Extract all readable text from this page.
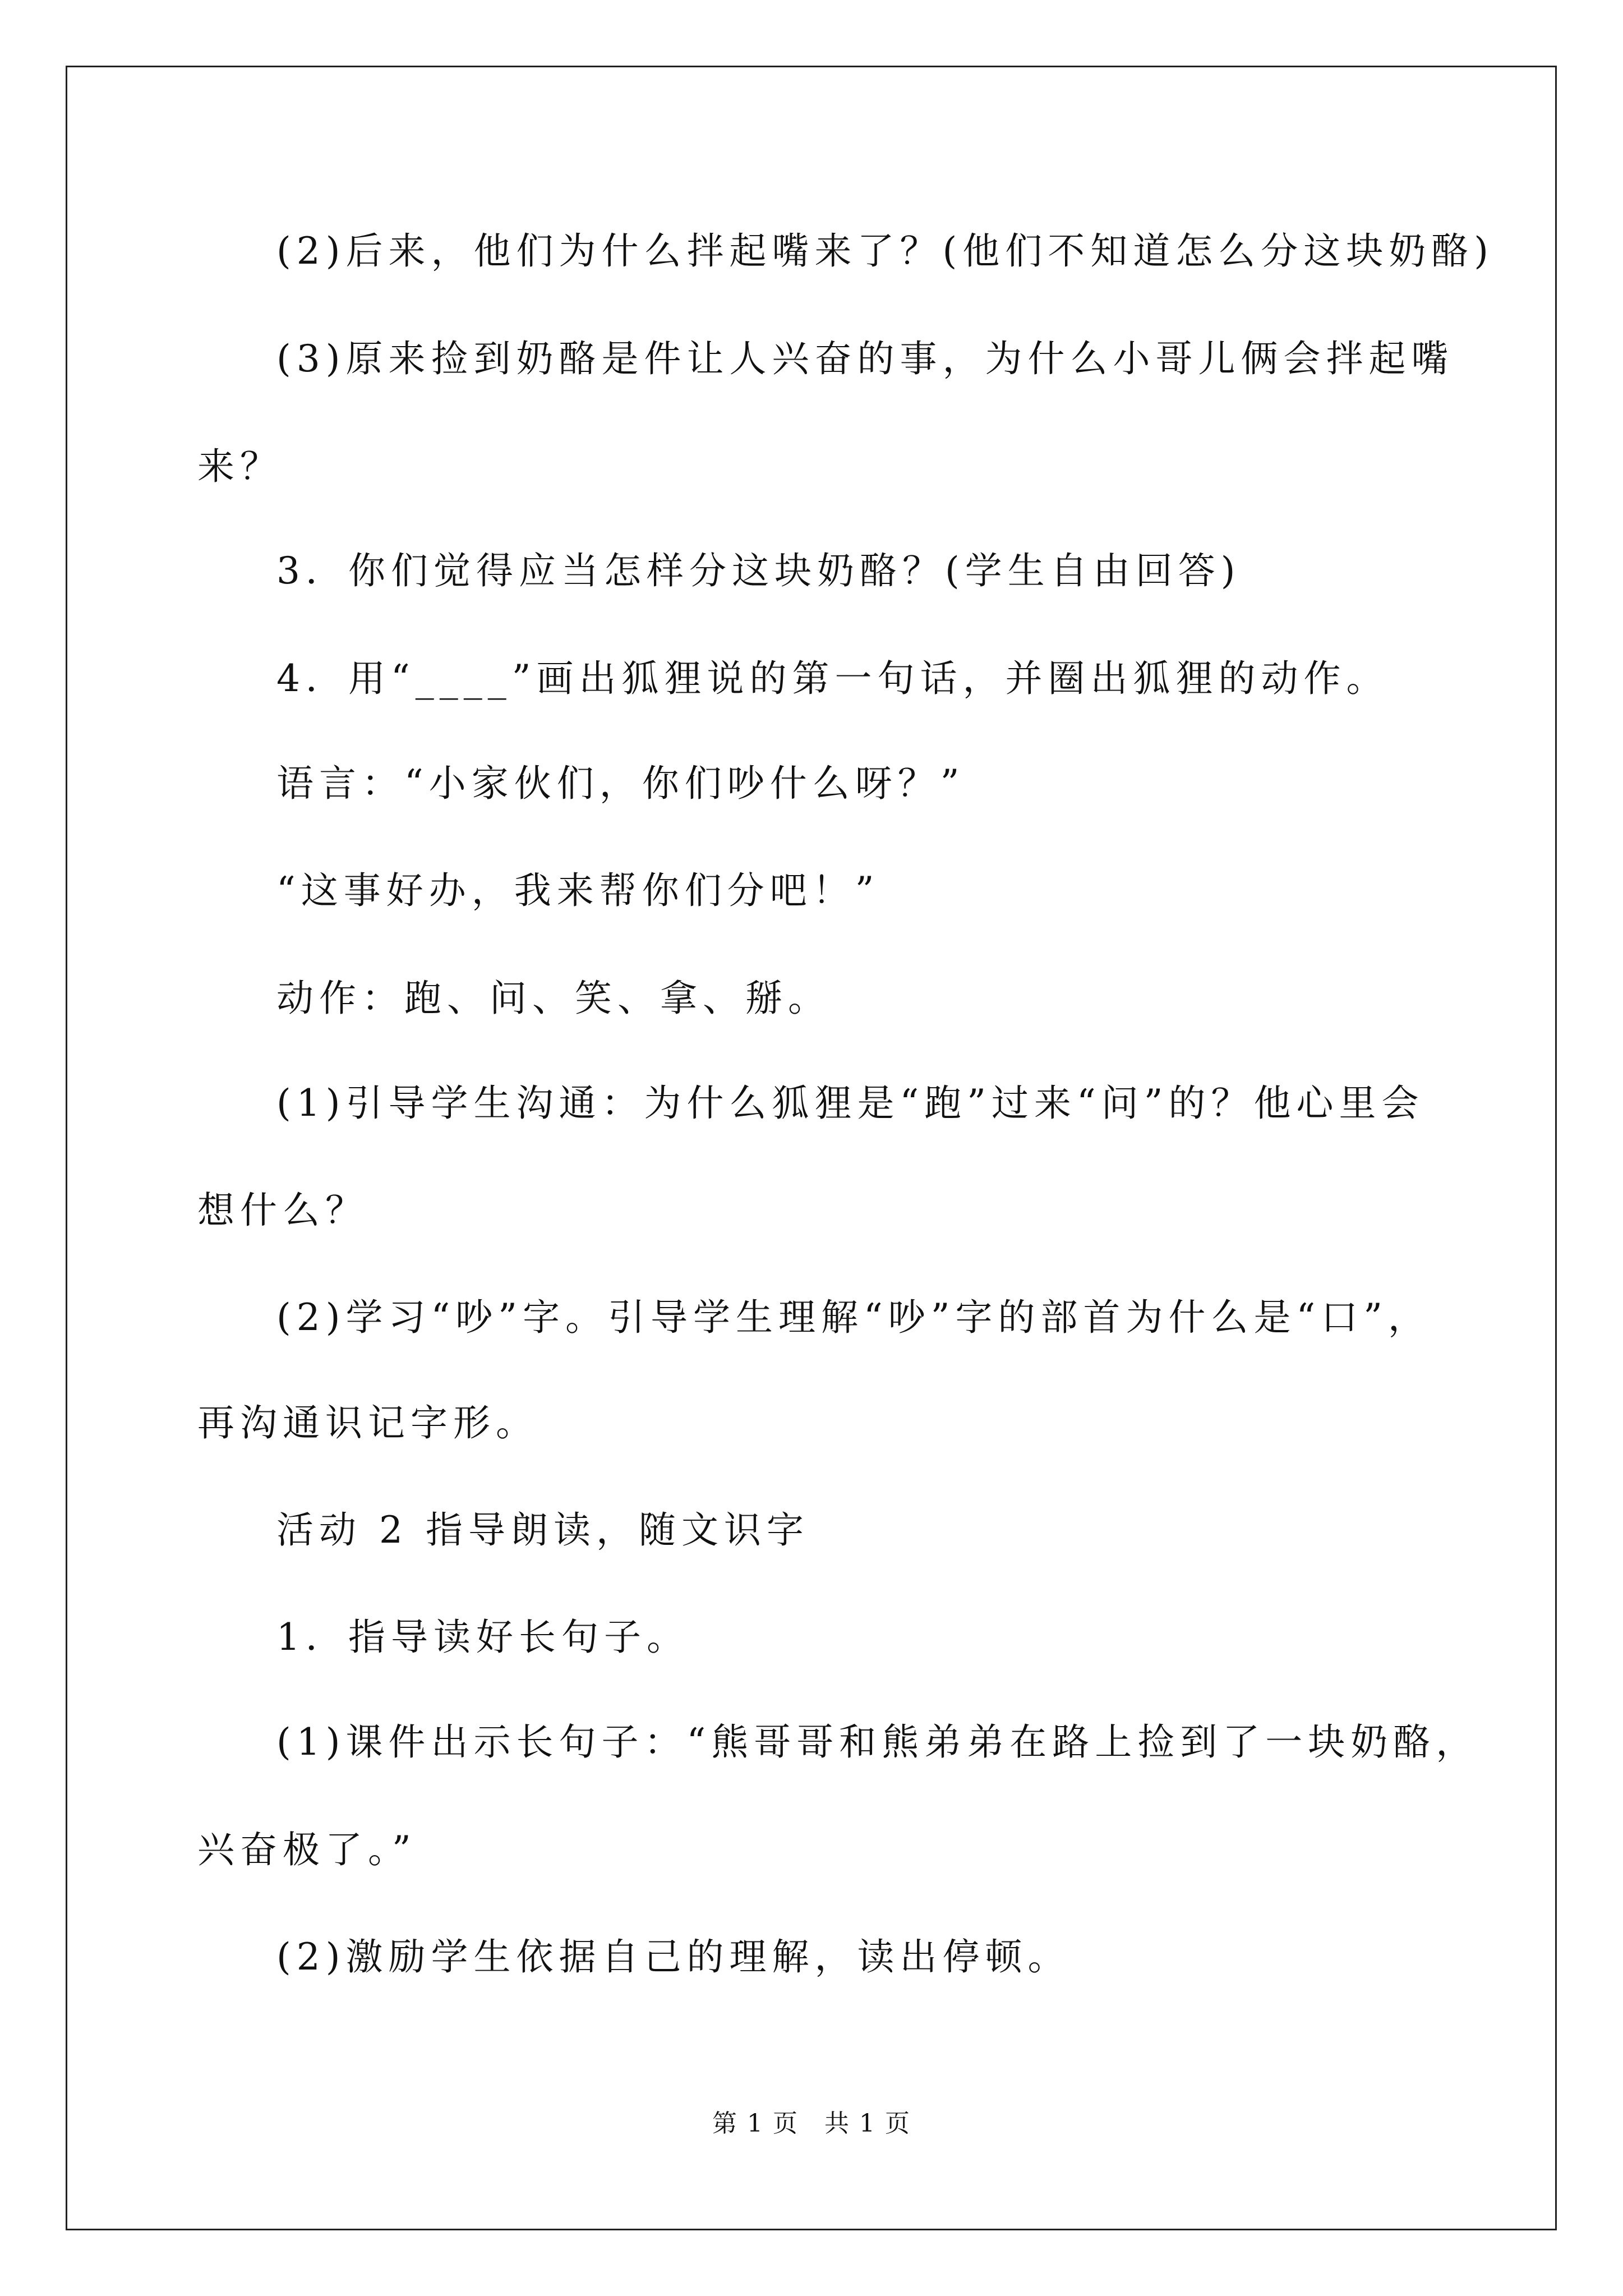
(2)后来，他们为什么拌起嘴来了？(他们不知道怎么分这块奶酪)
(3)原来捡到奶酪是件让人兴奋的事，为什么小哥儿俩会拌起嘴
来？
3．你们觉得应当怎样分这块奶酪？(学生自由回答)
4．用“____”画出狐狸说的第一句话，并圈出狐狸的动作。
语言：“小家伙们，你们吵什么呀？”
“这事好办，我来帮你们分吧！”
动作：跑、问、笑、拿、掰。
(1)引导学生沟通：为什么狐狸是“跑”过来“问”的？他心里会
想什么？
(2)学习“吵”字。引导学生理解“吵”字的部首为什么是“口”，
再沟通识记字形。
活动 2 指导朗读，随文识字
1．指导读好长句子。
(1)课件出示长句子：“熊哥哥和熊弟弟在路上捡到了一块奶酪，
兴奋极了。”
(2)激励学生依据自己的理解，读出停顿。
第 1 页　共 1 页
